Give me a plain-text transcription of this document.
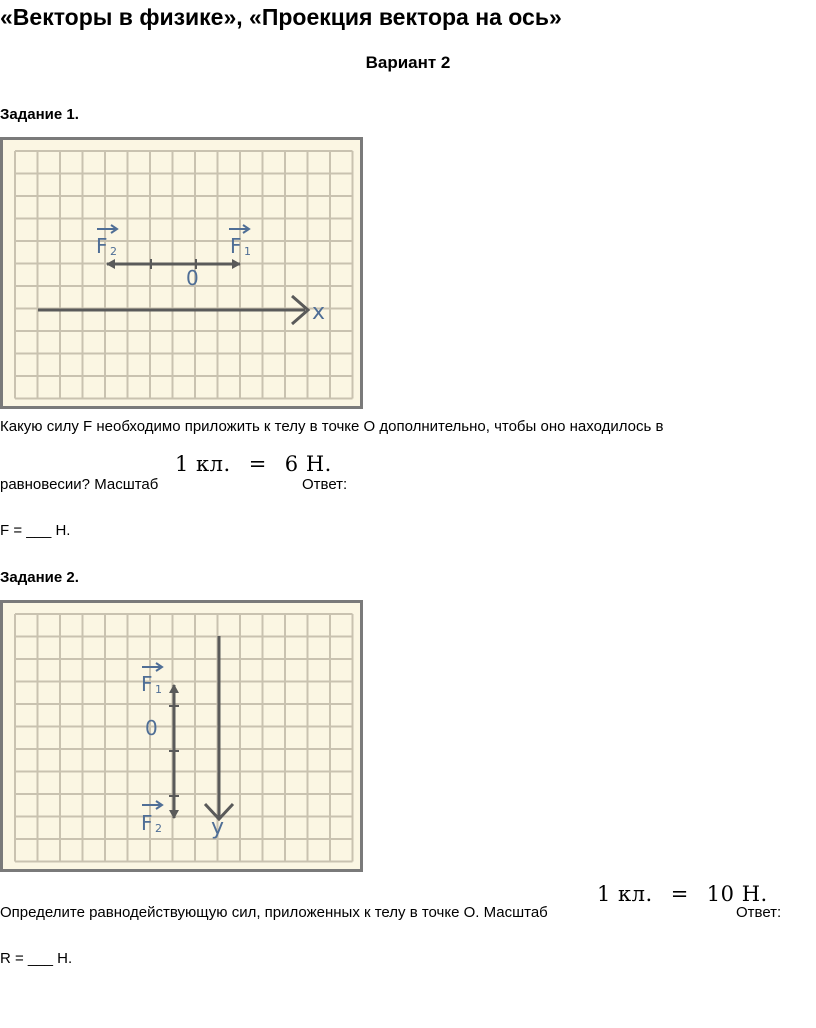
«Векторы в физике», «Проекция вектора на ось»
Вариант 2
Задание 1.
F 2	F 1
0
x
Какую силу F необходимо приложить к телу в точке О дополнительно, чтобы оно находилось в
равновесии? Масштаб
1 кл. = 6 Н.
Ответ:
F = ___ Н.
Задание 2.
F 1
0
F 2 y
Определите равнодействующую сил, приложенных к телу в точке О. Масштаб
1 кл. = 10 Н.
Ответ:
R = ___ Н.
